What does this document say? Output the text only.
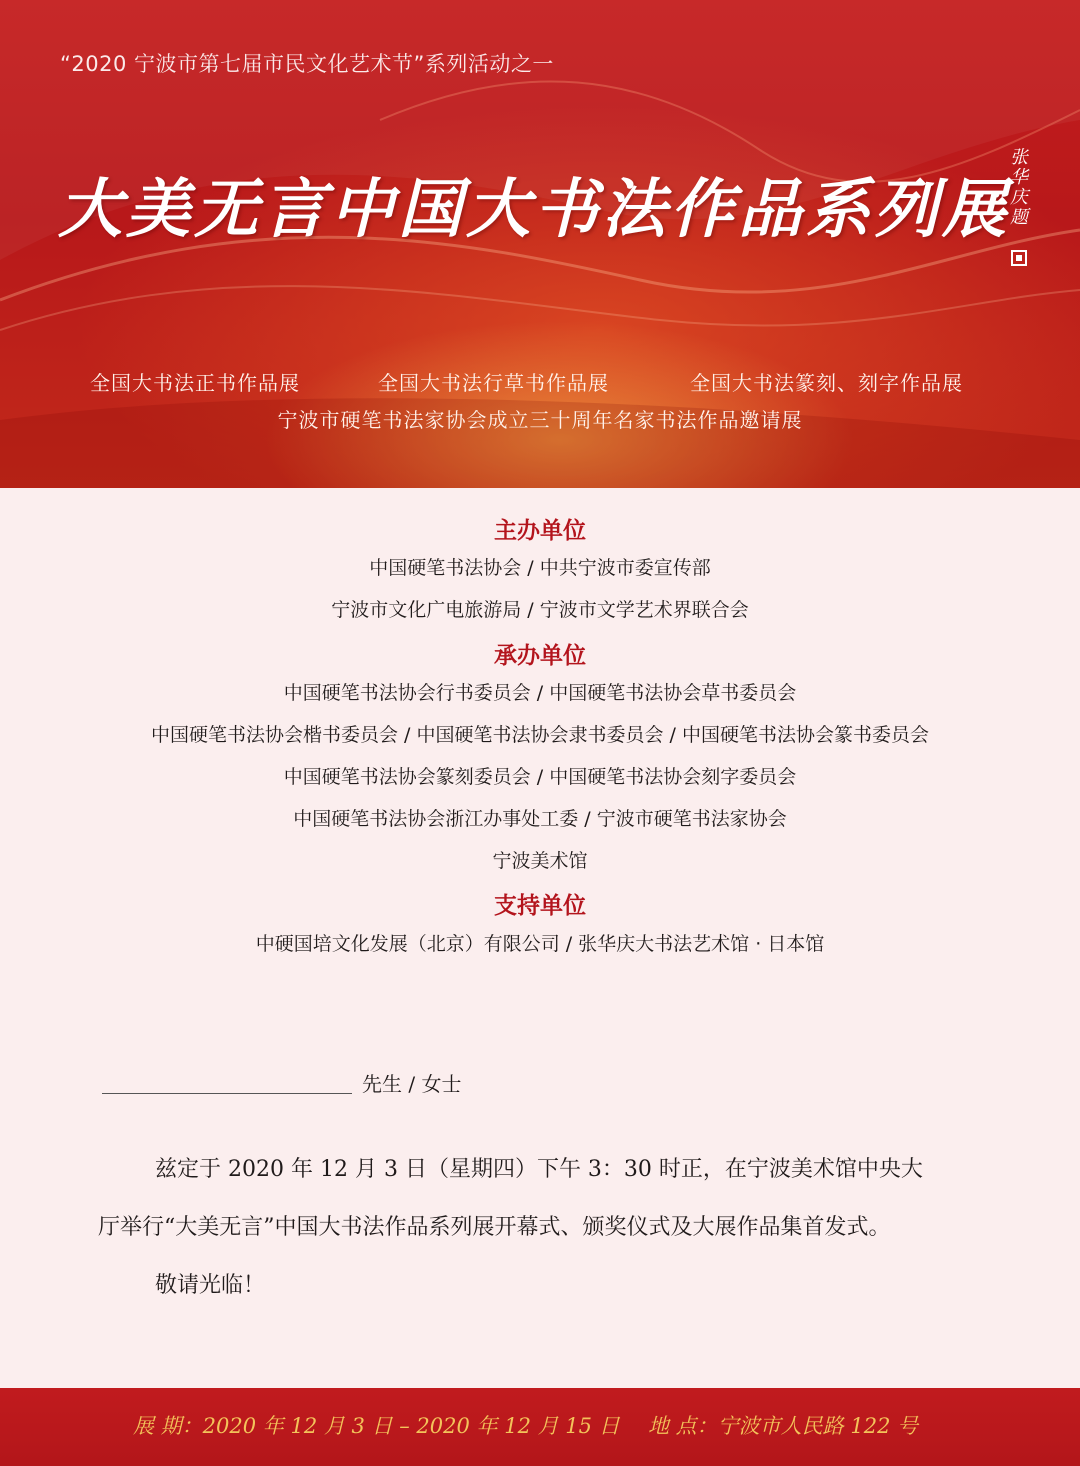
“2020 宁波市第七届市民文化艺术节”系列活动之一
大美无言中国大书法作品系列展
张华庆题
全国大书法正书作品展	全国大书法行草书作品展	全国大书法篆刻、刻字作品展
宁波市硬笔书法家协会成立三十周年名家书法作品邀请展
主办单位
中国硬笔书法协会 / 中共宁波市委宣传部
宁波市文化广电旅游局 / 宁波市文学艺术界联合会
承办单位
中国硬笔书法协会行书委员会 / 中国硬笔书法协会草书委员会
中国硬笔书法协会楷书委员会 / 中国硬笔书法协会隶书委员会 / 中国硬笔书法协会篆书委员会
中国硬笔书法协会篆刻委员会 / 中国硬笔书法协会刻字委员会
中国硬笔书法协会浙江办事处工委 / 宁波市硬笔书法家协会
宁波美术馆
支持单位
中硬国培文化发展（北京）有限公司 / 张华庆大书法艺术馆 · 日本馆
先生 / 女士
兹定于 2020 年 12 月 3 日（星期四）下午 3：30 时正，在宁波美术馆中央大
厅举行“大美无言”中国大书法作品系列展开幕式、颁奖仪式及大展作品集首发式。
敬请光临！
展 期：2020 年 12 月 3 日 – 2020 年 12 月 15 日 地 点：宁波市人民路 122 号
